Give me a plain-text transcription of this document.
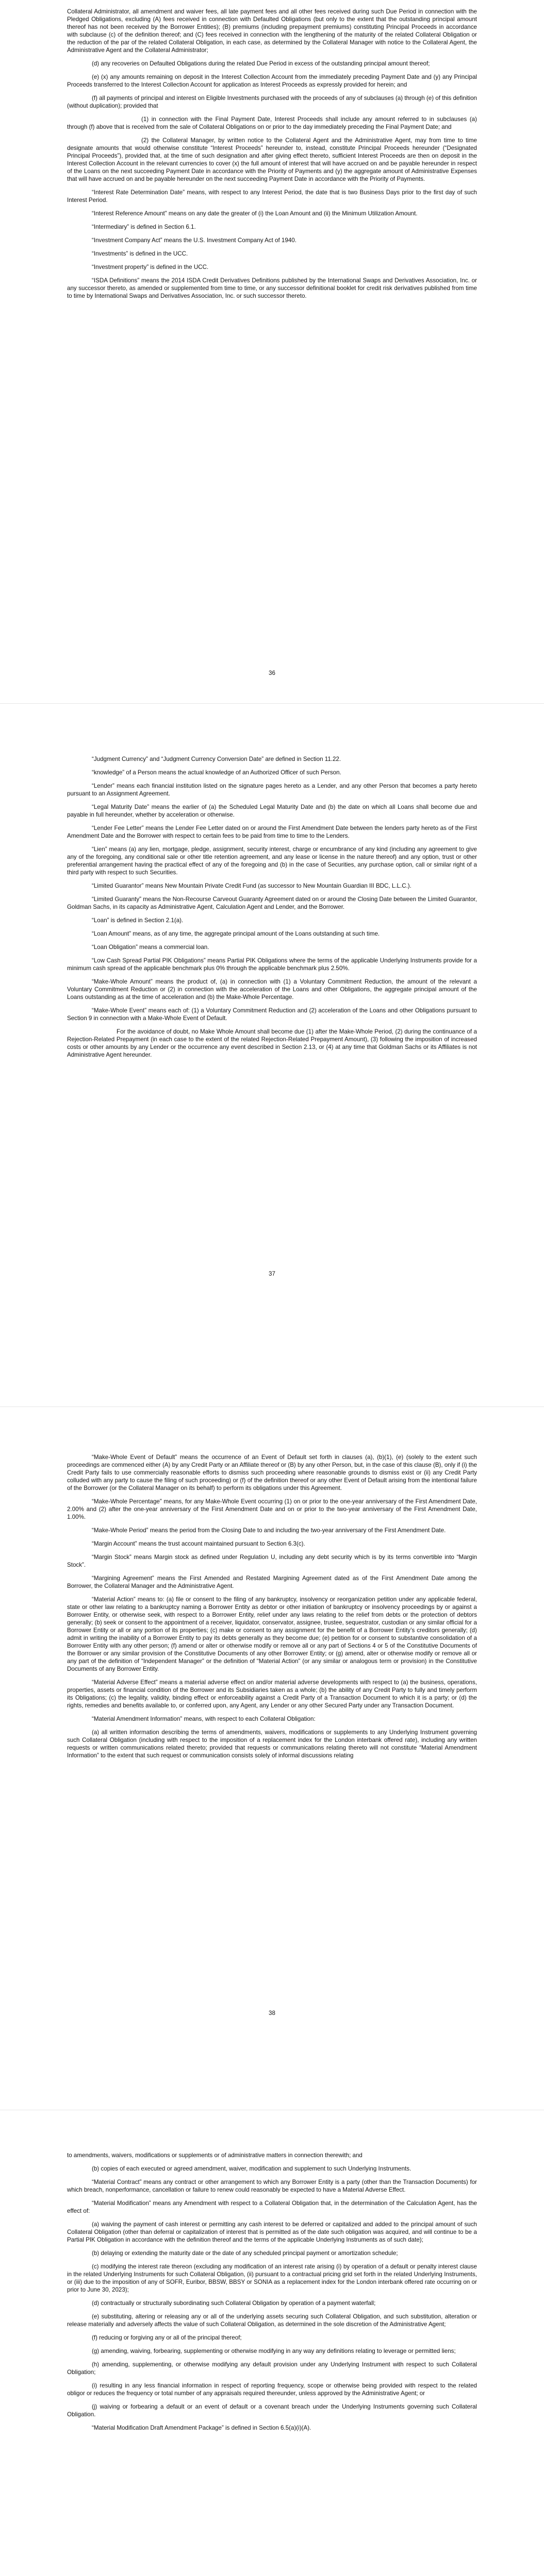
Collateral Administrator, all amendment and waiver fees, all late payment fees and all other fees received during such Due Period in connection with the Pledged Obligations, excluding (A) fees received in connection with Defaulted Obligations (but only to the extent that the outstanding principal amount thereof has not been received by the Borrower Entities); (B) premiums (including prepayment premiums) constituting Principal Proceeds in accordance with subclause (c) of the definition thereof; and (C) fees received in connection with the lengthening of the maturity of the related Collateral Obligation or the reduction of the par of the related Collateral Obligation, in each case, as determined by the Collateral Manager with notice to the Collateral Agent, the Administrative Agent and the Collateral Administrator;

(d) any recoveries on Defaulted Obligations during the related Due Period in excess of the outstanding principal amount thereof;

(e) (x) any amounts remaining on deposit in the Interest Collection Account from the immediately preceding Payment Date and (y) any Principal Proceeds transferred to the Interest Collection Account for application as Interest Proceeds as expressly provided for herein; and

(f) all payments of principal and interest on Eligible Investments purchased with the proceeds of any of subclauses (a) through (e) of this definition (without duplication); provided that

(1) in connection with the Final Payment Date, Interest Proceeds shall include any amount referred to in subclauses (a) through (f) above that is received from the sale of Collateral Obligations on or prior to the day immediately preceding the Final Payment Date; and

(2) the Collateral Manager, by written notice to the Collateral Agent and the Administrative Agent, may from time to time designate amounts that would otherwise constitute “Interest Proceeds” hereunder to, instead, constitute Principal Proceeds hereunder (“Designated Principal Proceeds”), provided that, at the time of such designation and after giving effect thereto, sufficient Interest Proceeds are then on deposit in the Interest Collection Account in the relevant currencies to cover (x) the full amount of interest that will have accrued on and be payable hereunder in respect of the Loans on the next succeeding Payment Date in accordance with the Priority of Payments and (y) the aggregate amount of Administrative Expenses that will have accrued on and be payable hereunder on the next succeeding Payment Date in accordance with the Priority of Payments.

“Interest Rate Determination Date” means, with respect to any Interest Period, the date that is two Business Days prior to the first day of such Interest Period.

“Interest Reference Amount” means on any date the greater of (i) the Loan Amount and (ii) the Minimum Utilization Amount.

“Intermediary” is defined in Section 6.1.

“Investment Company Act” means the U.S. Investment Company Act of 1940.

“Investments” is defined in the UCC.

“Investment property” is defined in the UCC.

“ISDA Definitions” means the 2014 ISDA Credit Derivatives Definitions published by the International Swaps and Derivatives Association, Inc. or any successor thereto, as amended or supplemented from time to time, or any successor definitional booklet for credit risk derivatives published from time to time by International Swaps and Derivatives Association, Inc. or such successor thereto.

36

“Judgment Currency” and “Judgment Currency Conversion Date” are defined in Section 11.22.

“knowledge” of a Person means the actual knowledge of an Authorized Officer of such Person.

“Lender” means each financial institution listed on the signature pages hereto as a Lender, and any other Person that becomes a party hereto pursuant to an Assignment Agreement.

“Legal Maturity Date” means the earlier of (a) the Scheduled Legal Maturity Date and (b) the date on which all Loans shall become due and payable in full hereunder, whether by acceleration or otherwise.

“Lender Fee Letter” means the Lender Fee Letter dated on or around the First Amendment Date between the lenders party hereto as of the First Amendment Date and the Borrower with respect to certain fees to be paid from time to time to the Lenders.

“Lien” means (a) any lien, mortgage, pledge, assignment, security interest, charge or encumbrance of any kind (including any agreement to give any of the foregoing, any conditional sale or other title retention agreement, and any lease or license in the nature thereof) and any option, trust or other preferential arrangement having the practical effect of any of the foregoing and (b) in the case of Securities, any purchase option, call or similar right of a third party with respect to such Securities.

“Limited Guarantor” means New Mountain Private Credit Fund (as successor to New Mountain Guardian III BDC, L.L.C.).

“Limited Guaranty” means the Non-Recourse Carveout Guaranty Agreement dated on or around the Closing Date between the Limited Guarantor, Goldman Sachs, in its capacity as Administrative Agent, Calculation Agent and Lender, and the Borrower.

“Loan” is defined in Section 2.1(a).

“Loan Amount” means, as of any time, the aggregate principal amount of the Loans outstanding at such time.

“Loan Obligation” means a commercial loan.

“Low Cash Spread Partial PIK Obligations” means Partial PIK Obligations where the terms of the applicable Underlying Instruments provide for a minimum cash spread of the applicable benchmark plus 0% through the applicable benchmark plus 2.50%.

“Make-Whole Amount” means the product of, (a) in connection with (1) a Voluntary Commitment Reduction, the amount of the relevant a Voluntary Commitment Reduction or (2) in connection with the acceleration of the Loans and other Obligations, the aggregate principal amount of the Loans outstanding as at the time of acceleration and (b) the Make-Whole Percentage.

“Make-Whole Event” means each of: (1) a Voluntary Commitment Reduction and (2) acceleration of the Loans and other Obligations pursuant to Section 9 in connection with a Make-Whole Event of Default.

For the avoidance of doubt, no Make Whole Amount shall become due (1) after the Make-Whole Period, (2) during the continuance of a Rejection-Related Prepayment (in each case to the extent of the related Rejection-Related Prepayment Amount), (3) following the imposition of increased costs or other amounts by any Lender or the occurrence any event described in Section 2.13, or (4) at any time that Goldman Sachs or its Affiliates is not Administrative Agent hereunder.

37

“Make-Whole Event of Default” means the occurrence of an Event of Default set forth in clauses (a), (b)(1), (e) (solely to the extent such proceedings are commenced either (A) by any Credit Party or an Affiliate thereof or (B) by any other Person, but, in the case of this clause (B), only if (i) the Credit Party fails to use commercially reasonable efforts to dismiss such proceeding where reasonable grounds to dismiss exist or (ii) any Credit Party colluded with any party to cause the filing of such proceeding) or (f) of the definition thereof or any other Event of Default arising from the intentional failure of the Borrower (or the Collateral Manager on its behalf) to perform its obligations under this Agreement.

“Make-Whole Percentage” means, for any Make-Whole Event occurring (1) on or prior to the one-year anniversary of the First Amendment Date, 2.00% and (2) after the one-year anniversary of the First Amendment Date and on or prior to the two-year anniversary of the First Amendment Date, 1.00%.

“Make-Whole Period” means the period from the Closing Date to and including the two-year anniversary of the First Amendment Date.

“Margin Account” means the trust account maintained pursuant to Section 6.3(c).

“Margin Stock” means Margin stock as defined under Regulation U, including any debt security which is by its terms convertible into “Margin Stock”.

“Margining Agreement” means the First Amended and Restated Margining Agreement dated as of the First Amendment Date among the Borrower, the Collateral Manager and the Administrative Agent.

“Material Action” means to: (a) file or consent to the filing of any bankruptcy, insolvency or reorganization petition under any applicable federal, state or other law relating to a bankruptcy naming a Borrower Entity as debtor or other initiation of bankruptcy or insolvency proceedings by or against a Borrower Entity, or otherwise seek, with respect to a Borrower Entity, relief under any laws relating to the relief from debts or the protection of debtors generally; (b) seek or consent to the appointment of a receiver, liquidator, conservator, assignee, trustee, sequestrator, custodian or any similar official for a Borrower Entity or all or any portion of its properties; (c) make or consent to any assignment for the benefit of a Borrower Entity’s creditors generally; (d) admit in writing the inability of a Borrower Entity to pay its debts generally as they become due; (e) petition for or consent to substantive consolidation of a Borrower Entity with any other person; (f) amend or alter or otherwise modify or remove all or any part of Sections 4 or 5 of the Constitutive Documents of the Borrower or any similar provision of the Constitutive Documents of any other Borrower Entity; or (g) amend, alter or otherwise modify or remove all or any part of the definition of “Independent Manager” or the definition of “Material Action” (or any similar or analogous term or provision) in the Constitutive Documents of any Borrower Entity.

“Material Adverse Effect” means a material adverse effect on and/or material adverse developments with respect to (a) the business, operations, properties, assets or financial condition of the Borrower and its Subsidiaries taken as a whole; (b) the ability of any Credit Party to fully and timely perform its Obligations; (c) the legality, validity, binding effect or enforceability against a Credit Party of a Transaction Document to which it is a party; or (d) the rights, remedies and benefits available to, or conferred upon, any Agent, any Lender or any other Secured Party under any Transaction Document.

“Material Amendment Information” means, with respect to each Collateral Obligation:

(a) all written information describing the terms of amendments, waivers, modifications or supplements to any Underlying Instrument governing such Collateral Obligation (including with respect to the imposition of a replacement index for the London interbank offered rate), including any written requests or written communications related thereto; provided that requests or communications relating thereto will not constitute “Material Amendment Information” to the extent that such request or communication consists solely of informal discussions relating

38

to amendments, waivers, modifications or supplements or of administrative matters in connection therewith; and

(b) copies of each executed or agreed amendment, waiver, modification and supplement to such Underlying Instruments.

“Material Contract” means any contract or other arrangement to which any Borrower Entity is a party (other than the Transaction Documents) for which breach, nonperformance, cancellation or failure to renew could reasonably be expected to have a Material Adverse Effect.

“Material Modification” means any Amendment with respect to a Collateral Obligation that, in the determination of the Calculation Agent, has the effect of:

(a) waiving the payment of cash interest or permitting any cash interest to be deferred or capitalized and added to the principal amount of such Collateral Obligation (other than deferral or capitalization of interest that is permitted as of the date such obligation was acquired, and will continue to be a Partial PIK Obligation in accordance with the definition thereof and the terms of the applicable Underlying Instruments as of such date);

(b) delaying or extending the maturity date or the date of any scheduled principal payment or amortization schedule;

(c) modifying the interest rate thereon (excluding any modification of an interest rate arising (i) by operation of a default or penalty interest clause in the related Underlying Instruments for such Collateral Obligation, (ii) pursuant to a contractual pricing grid set forth in the related Underlying Instruments, or (iii) due to the imposition of any of SOFR, Euribor, BBSW, BBSY or SONIA as a replacement index for the London interbank offered rate occurring on or prior to June 30, 2023);

(d) contractually or structurally subordinating such Collateral Obligation by operation of a payment waterfall;

(e) substituting, altering or releasing any or all of the underlying assets securing such Collateral Obligation, and such substitution, alteration or release materially and adversely affects the value of such Collateral Obligation, as determined in the sole discretion of the Administrative Agent;

(f) reducing or forgiving any or all of the principal thereof;

(g) amending, waiving, forbearing, supplementing or otherwise modifying in any way any definitions relating to leverage or permitted liens;

(h) amending, supplementing, or otherwise modifying any default provision under any Underlying Instrument with respect to such Collateral Obligation;

(i) resulting in any less financial information in respect of reporting frequency, scope or otherwise being provided with respect to the related obligor or reduces the frequency or total number of any appraisals required thereunder, unless approved by the Administrative Agent; or

(j) waiving or forbearing a default or an event of default or a covenant breach under the Underlying Instruments governing such Collateral Obligation.

“Material Modification Draft Amendment Package” is defined in Section 6.5(a)(i)(A).
